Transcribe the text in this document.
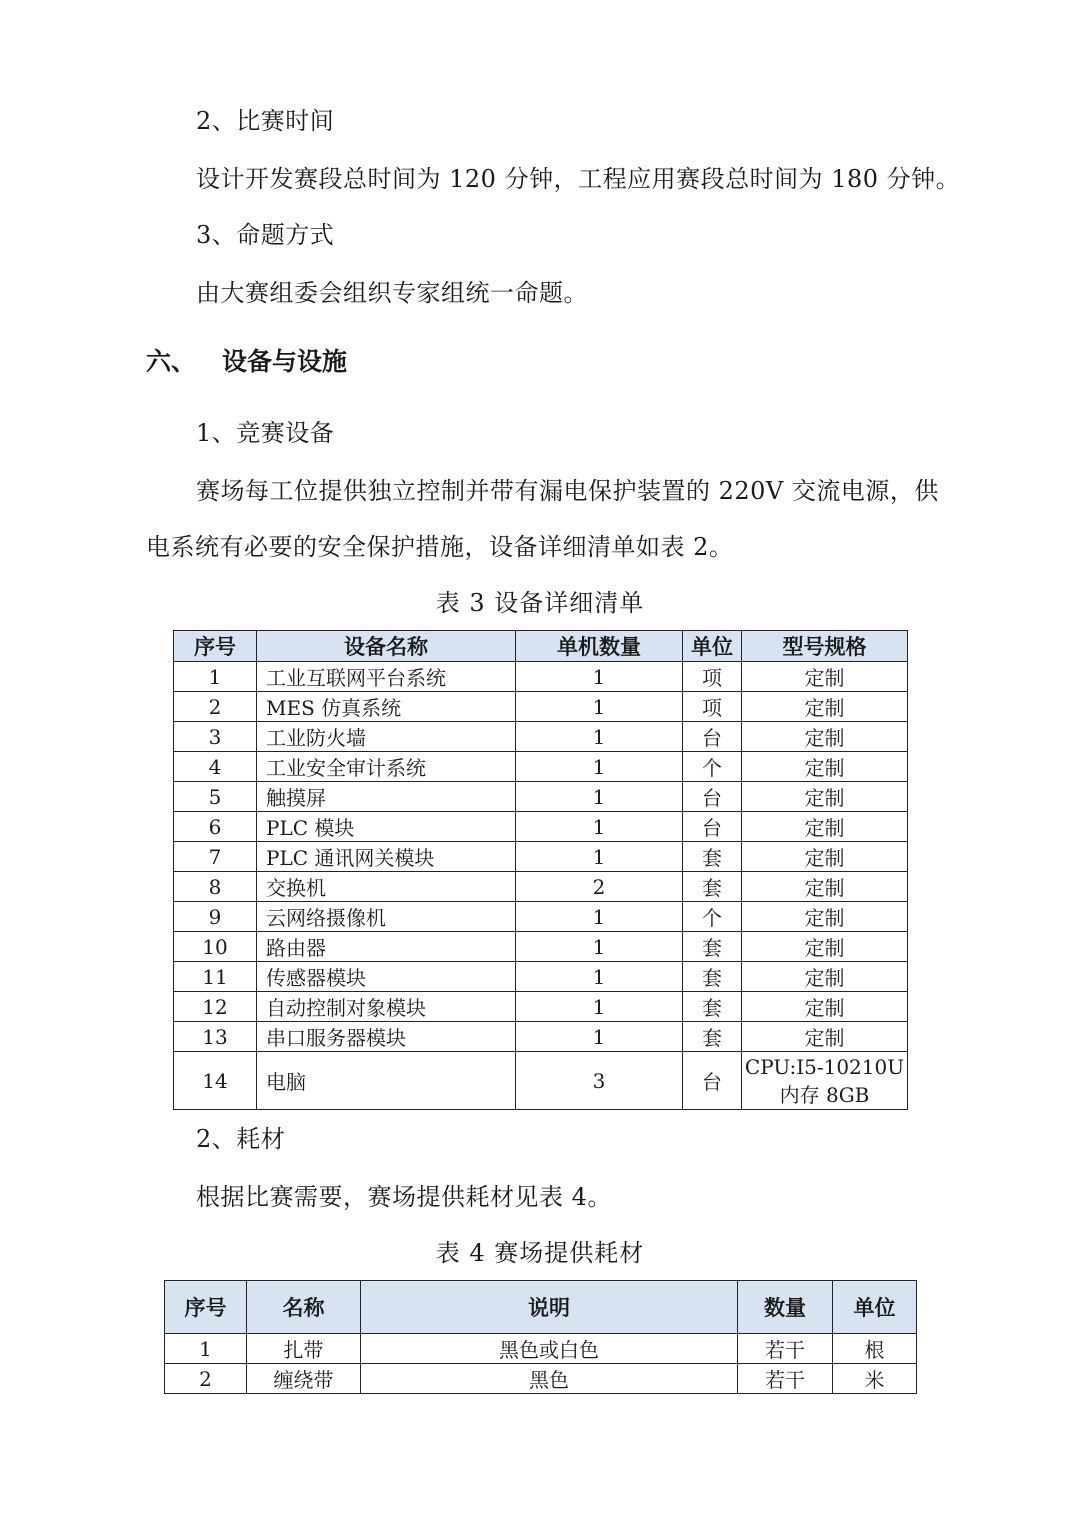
2、比赛时间
设计开发赛段总时间为 120 分钟，工程应用赛段总时间为 180 分钟。
3、命题方式
由大赛组委会组织专家组统一命题。
六、 设备与设施
1、竞赛设备
赛场每工位提供独立控制并带有漏电保护装置的 220V 交流电源，供
电系统有必要的安全保护措施，设备详细清单如表 2。
表 3 设备详细清单
序号	设备名称	单机数量	单位	型号规格
1	工业互联网平台系统	1	项	定制
2	MES 仿真系统	1	项	定制
3	工业防火墙	1	台	定制
4	工业安全审计系统	1	个	定制
5	触摸屏	1	台	定制
6	PLC 模块	1	台	定制
7	PLC 通讯网关模块	1	套	定制
8	交换机	2	套	定制
9	云网络摄像机	1	个	定制
10	路由器	1	套	定制
11	传感器模块	1	套	定制
12	自动控制对象模块	1	套	定制
13	串口服务器模块	1	套	定制
14	电脑	3	台	CPU:I5-10210U
内存 8GB
2、耗材
根据比赛需要，赛场提供耗材见表 4。
表 4 赛场提供耗材
序号	名称	说明	数量	单位
1	扎带	黑色或白色	若干	根
2	缠绕带	黑色	若干	米
